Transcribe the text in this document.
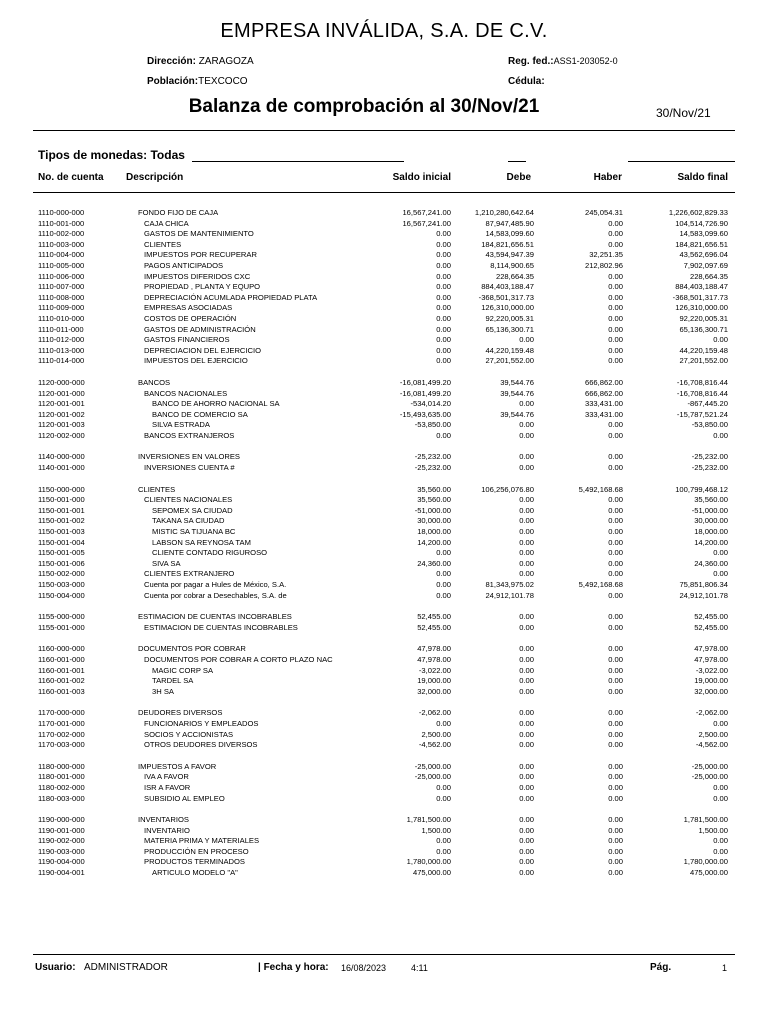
EMPRESA INVÁLIDA, S.A. DE C.V.
Dirección: ZARAGOZA
Población:TEXCOCO
Reg. fed.:ASS1-203052-0
Cédula:
Balanza de comprobación al 30/Nov/21	30/Nov/21
Tipos de monedas: Todas
No. de cuenta Descripción	Saldo inicial	Debe	Haber	Saldo final
1110-000-000	FONDO FIJO DE CAJA	16,567,241.00	1,210,280,642.64	245,054.31	1,226,602,829.33
1110-001-000	CAJA CHICA	16,567,241.00	87,947,485.90	0.00	104,514,726.90
1110-002-000	GASTOS DE MANTENIMIENTO	0.00	14,583,099.60	0.00	14,583,099.60
1110-003-000	CLIENTES	0.00	184,821,656.51	0.00	184,821,656.51
1110-004-000	IMPUESTOS POR RECUPERAR	0.00	43,594,947.39	32,251.35	43,562,696.04
1110-005-000	PAGOS ANTICIPADOS	0.00	8,114,900.65	212,802.96	7,902,097.69
1110-006-000	IMPUESTOS DIFERIDOS CXC	0.00	228,664.35	0.00	228,664.35
1110-007-000	PROPIEDAD , PLANTA Y EQUPO	0.00	884,403,188.47	0.00	884,403,188.47
1110-008-000	DEPRECIACIÓN ACUMLADA PROPIEDAD PLATA	0.00	-368,501,317.73	0.00	-368,501,317.73
1110-009-000	EMPRESAS ASOCIADAS	0.00	126,310,000.00	0.00	126,310,000.00
1110-010-000	COSTOS DE OPERACIÓN	0.00	92,220,005.31	0.00	92,220,005.31
1110-011-000	GASTOS DE ADMINISTRACIÓN	0.00	65,136,300.71	0.00	65,136,300.71
1110-012-000	GASTOS FINANCIEROS	0.00	0.00	0.00	0.00
1110-013-000	DEPRECIACION DEL EJERCICIO	0.00	44,220,159.48	0.00	44,220,159.48
1110-014-000	IMPUESTOS DEL EJERCICIO	0.00	27,201,552.00	0.00	27,201,552.00
1120-000-000	BANCOS	-16,081,499.20	39,544.76	666,862.00	-16,708,816.44
1120-001-000	BANCOS NACIONALES	-16,081,499.20	39,544.76	666,862.00	-16,708,816.44
1120-001-001	BANCO DE AHORRO NACIONAL SA	-534,014.20	0.00	333,431.00	-867,445.20
1120-001-002	BANCO DE COMERCIO SA	-15,493,635.00	39,544.76	333,431.00	-15,787,521.24
1120-001-003	SILVA ESTRADA	-53,850.00	0.00	0.00	-53,850.00
1120-002-000	BANCOS EXTRANJEROS	0.00	0.00	0.00	0.00
1140-000-000	INVERSIONES EN VALORES	-25,232.00	0.00	0.00	-25,232.00
1140-001-000	INVERSIONES CUENTA #	-25,232.00	0.00	0.00	-25,232.00
1150-000-000	CLIENTES	35,560.00	106,256,076.80	5,492,168.68	100,799,468.12
1150-001-000	CLIENTES NACIONALES	35,560.00	0.00	0.00	35,560.00
1150-001-001	SEPOMEX SA CIUDAD	-51,000.00	0.00	0.00	-51,000.00
1150-001-002	TAKANA SA CIUDAD	30,000.00	0.00	0.00	30,000.00
1150-001-003	MISTIC SA TIJUANA BC	18,000.00	0.00	0.00	18,000.00
1150-001-004	LABSON SA REYNOSA TAM	14,200.00	0.00	0.00	14,200.00
1150-001-005	CLIENTE CONTADO RIGUROSO	0.00	0.00	0.00	0.00
1150-001-006	SIVA SA	24,360.00	0.00	0.00	24,360.00
1150-002-000	CLIENTES EXTRANJERO	0.00	0.00	0.00	0.00
1150-003-000	Cuenta por pagar a Hules de México, S.A.	0.00	81,343,975.02	5,492,168.68	75,851,806.34
1150-004-000	Cuenta por cobrar a Desechables, S.A. de	0.00	24,912,101.78	0.00	24,912,101.78
1155-000-000	ESTIMACION DE CUENTAS INCOBRABLES	52,455.00	0.00	0.00	52,455.00
1155-001-000	ESTIMACION DE CUENTAS INCOBRABLES	52,455.00	0.00	0.00	52,455.00
1160-000-000	DOCUMENTOS POR COBRAR	47,978.00	0.00	0.00	47,978.00
1160-001-000	DOCUMENTOS POR COBRAR A CORTO PLAZO NAC	47,978.00	0.00	0.00	47,978.00
1160-001-001	MAGIC CORP SA	-3,022.00	0.00	0.00	-3,022.00
1160-001-002	TARDEL SA	19,000.00	0.00	0.00	19,000.00
1160-001-003	3H SA	32,000.00	0.00	0.00	32,000.00
1170-000-000	DEUDORES DIVERSOS	-2,062.00	0.00	0.00	-2,062.00
1170-001-000	FUNCIONARIOS Y EMPLEADOS	0.00	0.00	0.00	0.00
1170-002-000	SOCIOS Y ACCIONISTAS	2,500.00	0.00	0.00	2,500.00
1170-003-000	OTROS DEUDORES DIVERSOS	-4,562.00	0.00	0.00	-4,562.00
1180-000-000	IMPUESTOS A FAVOR	-25,000.00	0.00	0.00	-25,000.00
1180-001-000	IVA A FAVOR	-25,000.00	0.00	0.00	-25,000.00
1180-002-000	ISR A FAVOR	0.00	0.00	0.00	0.00
1180-003-000	SUBSIDIO AL EMPLEO	0.00	0.00	0.00	0.00
1190-000-000	INVENTARIOS	1,781,500.00	0.00	0.00	1,781,500.00
1190-001-000	INVENTARIO	1,500.00	0.00	0.00	1,500.00
1190-002-000	MATERIA PRIMA Y MATERIALES	0.00	0.00	0.00	0.00
1190-003-000	PRODUCCIÓN EN PROCESO	0.00	0.00	0.00	0.00
1190-004-000	PRODUCTOS TERMINADOS	1,780,000.00	0.00	0.00	1,780,000.00
1190-004-001	ARTICULO MODELO "A"	475,000.00	0.00	0.00	475,000.00
Usuario: ADMINISTRADOR	| Fecha y hora: 16/08/2023	4:11	Pág.	1
